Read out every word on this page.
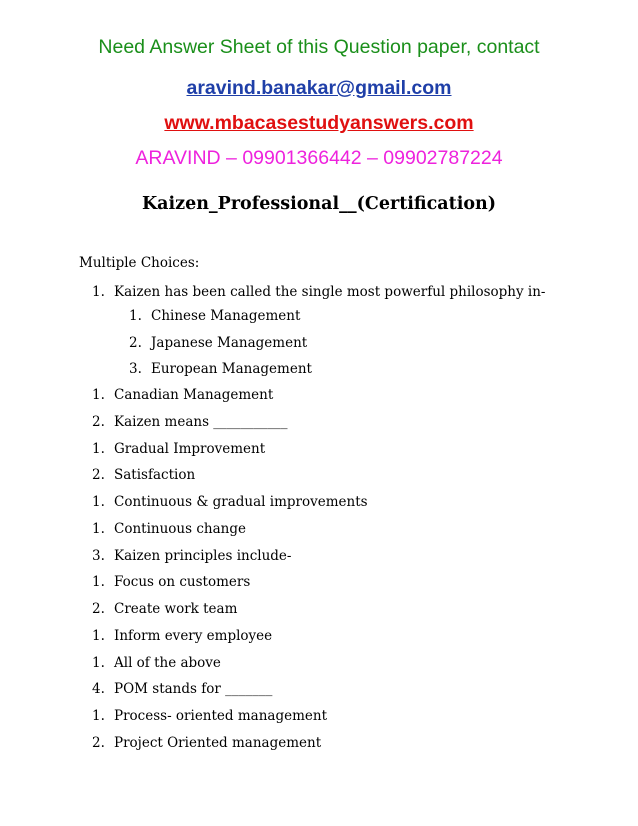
Need Answer Sheet of this Question paper, contact
aravind.banakar@gmail.com
www.mbacasestudyanswers.com
ARAVIND – 09901366442 – 09902787224
Kaizen_Professional__(Certification)
Multiple Choices:
1. Kaizen has been called the single most powerful philosophy in-
1. Chinese Management
2. Japanese Management
3. European Management
1. Canadian Management
2. Kaizen means ___________
1. Gradual Improvement
2. Satisfaction
1. Continuous & gradual improvements
1. Continuous change
3. Kaizen principles include-
1. Focus on customers
2. Create work team
1. Inform every employee
1. All of the above
4. POM stands for _______
1. Process- oriented management
2. Project Oriented management
